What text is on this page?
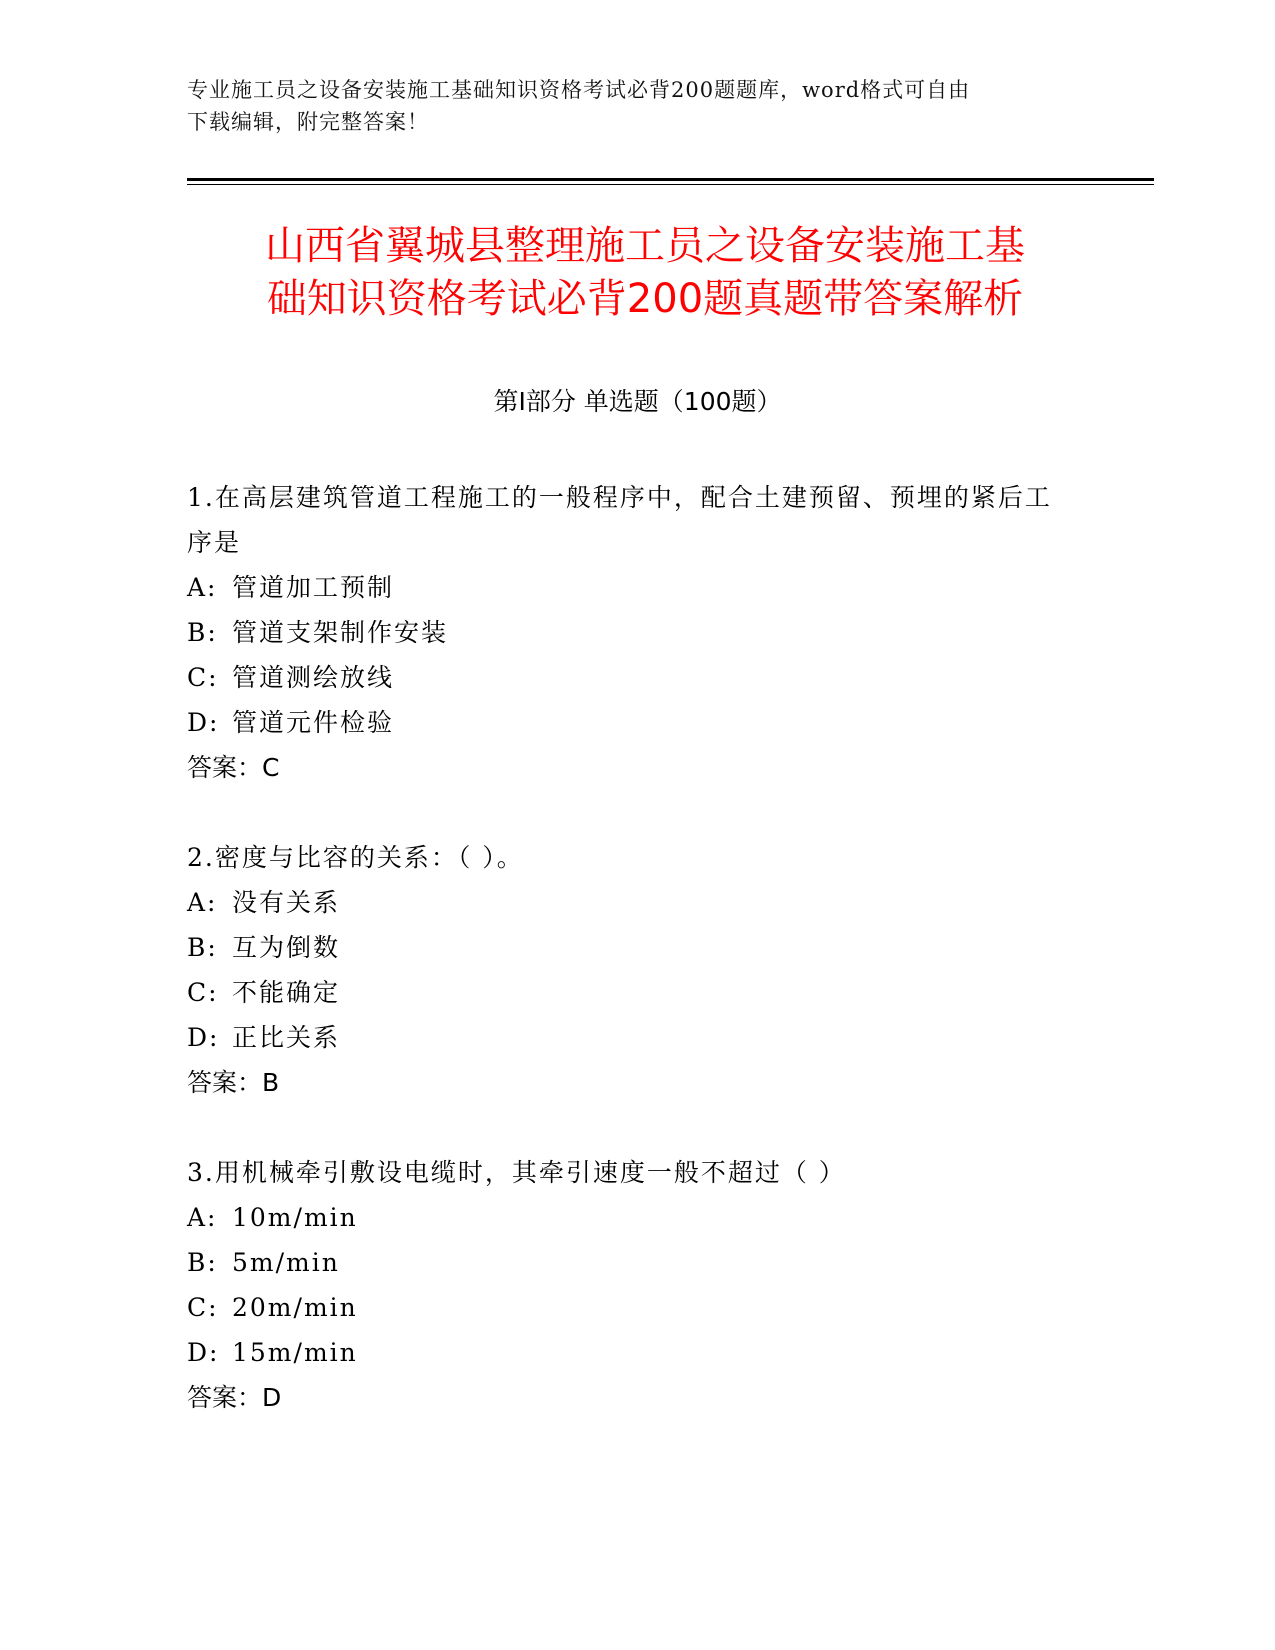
专业施工员之设备安装施工基础知识资格考试必背200题题库，word格式可自由
下载编辑，附完整答案！
山西省翼城县整理施工员之设备安装施工基
础知识资格考试必背200题真题带答案解析
第Ⅰ部分 单选题（100题）
1.在高层建筑管道工程施工的一般程序中，配合土建预留、预埋的紧后工序是
A: 管道加工预制
B: 管道支架制作安装
C: 管道测绘放线
D: 管道元件检验
答案：C
2.密度与比容的关系：（ ）。
A: 没有关系
B: 互为倒数
C: 不能确定
D: 正比关系
答案：B
3.用机械牵引敷设电缆时，其牵引速度一般不超过（ ）
A: 10m/min
B: 5m/min
C: 20m/min
D: 15m/min
答案：D
